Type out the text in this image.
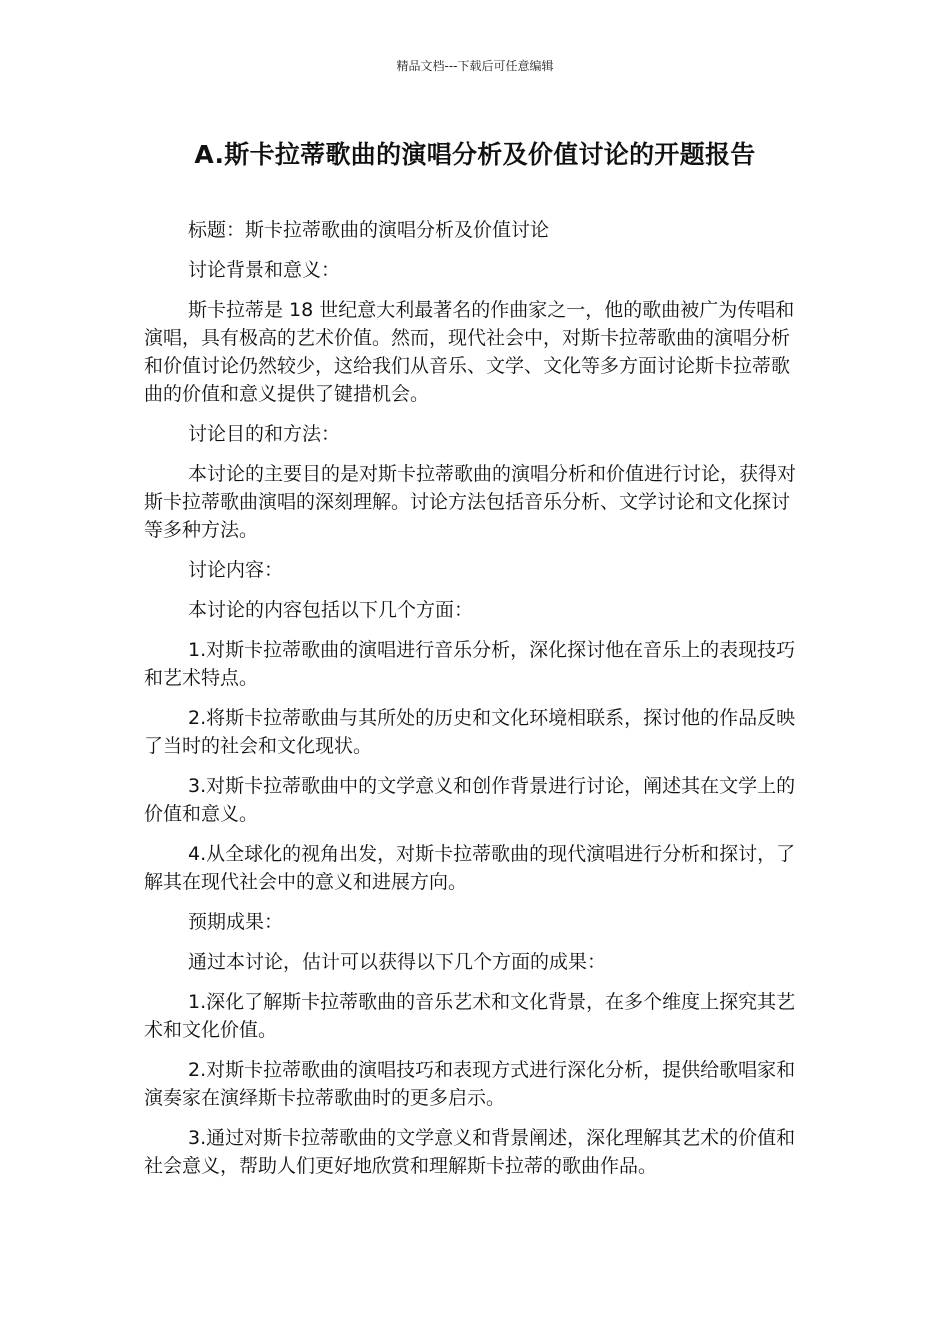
精品文档---下载后可任意编辑
A.斯卡拉蒂歌曲的演唱分析及价值讨论的开题报告

标题：斯卡拉蒂歌曲的演唱分析及价值讨论

讨论背景和意义：

斯卡拉蒂是 18 世纪意大利最著名的作曲家之一，他的歌曲被广为传唱和演唱，具有极高的艺术价值。然而，现代社会中，对斯卡拉蒂歌曲的演唱分析和价值讨论仍然较少，这给我们从音乐、文学、文化等多方面讨论斯卡拉蒂歌曲的价值和意义提供了键措机会。

讨论目的和方法：

本讨论的主要目的是对斯卡拉蒂歌曲的演唱分析和价值进行讨论，获得对斯卡拉蒂歌曲演唱的深刻理解。讨论方法包括音乐分析、文学讨论和文化探讨等多种方法。

讨论内容：

本讨论的内容包括以下几个方面：

1.对斯卡拉蒂歌曲的演唱进行音乐分析，深化探讨他在音乐上的表现技巧和艺术特点。

2.将斯卡拉蒂歌曲与其所处的历史和文化环境相联系，探讨他的作品反映了当时的社会和文化现状。

3.对斯卡拉蒂歌曲中的文学意义和创作背景进行讨论，阐述其在文学上的价值和意义。

4.从全球化的视角出发，对斯卡拉蒂歌曲的现代演唱进行分析和探讨，了解其在现代社会中的意义和进展方向。

预期成果：

通过本讨论，估计可以获得以下几个方面的成果：

1.深化了解斯卡拉蒂歌曲的音乐艺术和文化背景，在多个维度上探究其艺术和文化价值。

2.对斯卡拉蒂歌曲的演唱技巧和表现方式进行深化分析，提供给歌唱家和演奏家在演绎斯卡拉蒂歌曲时的更多启示。

3.通过对斯卡拉蒂歌曲的文学意义和背景阐述，深化理解其艺术的价值和社会意义，帮助人们更好地欣赏和理解斯卡拉蒂的歌曲作品。
